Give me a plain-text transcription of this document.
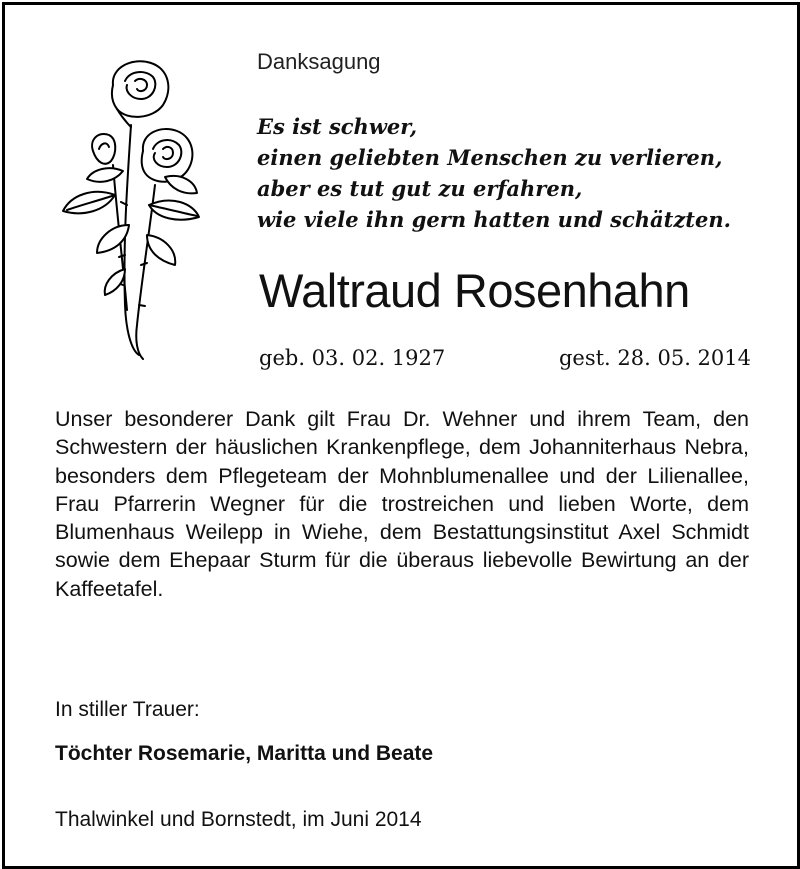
Danksagung
Es ist schwer,
einen geliebten Menschen zu verlieren,
aber es tut gut zu erfahren,
wie viele ihn gern hatten und schätzten.
Waltraud Rosenhahn
geb. 03. 02. 1927	gest. 28. 05. 2014
Unser besonderer Dank gilt Frau Dr. Wehner und ihrem Team, den Schwestern der häuslichen Krankenpflege, dem Johanniterhaus Nebra, besonders dem Pflegeteam der Mohnblumenallee und der Lilienallee, Frau Pfarrerin Wegner für die trostreichen und lieben Worte, dem Blumenhaus Weilepp in Wiehe, dem Bestattungsinstitut Axel Schmidt sowie dem Ehepaar Sturm für die überaus liebevolle Bewirtung an der Kaffeetafel.
In stiller Trauer:
Töchter Rosemarie, Maritta und Beate
Thalwinkel und Bornstedt, im Juni 2014
